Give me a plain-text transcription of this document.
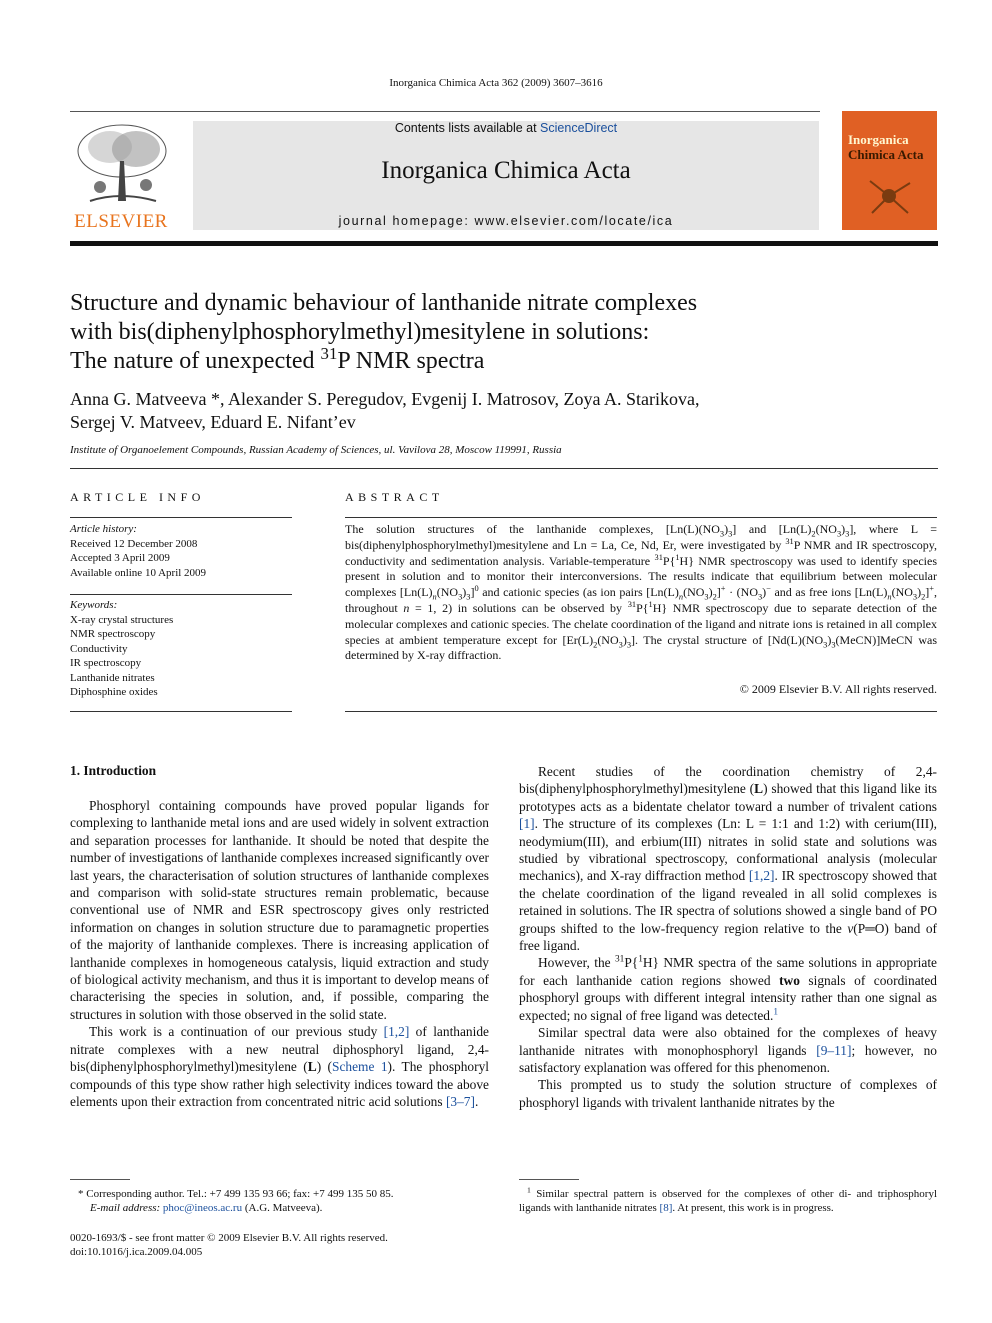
Inorganica Chimica Acta 362 (2009) 3607–3616
ELSEVIER
Contents lists available at ScienceDirect
Inorganica Chimica Acta
journal homepage: www.elsevier.com/locate/ica
Inorganica
Chimica Acta
Structure and dynamic behaviour of lanthanide nitrate complexes
with bis(diphenylphosphorylmethyl)mesitylene in solutions:
The nature of unexpected $^{31}$P NMR spectra
Anna G. Matveeva *, Alexander S. Peregudov, Evgenij I. Matrosov, Zoya A. Starikova,
Sergej V. Matveev, Eduard E. Nifant’ev
Institute of Organoelement Compounds, Russian Academy of Sciences, ul. Vavilova 28, Moscow 119991, Russia
ARTICLE INFO
Article history:
Received 12 December 2008
Accepted 3 April 2009
Available online 10 April 2009
Keywords:
X-ray crystal structures
NMR spectroscopy
Conductivity
IR spectroscopy
Lanthanide nitrates
Diphosphine oxides
ABSTRACT
The solution structures of the lanthanide complexes, $[Ln(L)(NO_3)_3]$ and $[Ln(L)_2(NO_3)_3]$, where L = bis(diphenylphosphorylmethyl)mesitylene and Ln = La, Ce, Nd, Er, were investigated by $^{31}$P NMR and IR spectroscopy, conductivity and sedimentation analysis. Variable-temperature $^{31}$P{$^1$H} NMR spectroscopy was used to identify species present in solution and to monitor their interconversions. The results indicate that equilibrium between molecular complexes $[Ln(L)_n(NO_3)_3]^0$ and cationic species (as ion pairs $[Ln(L)_n(NO_3)_2]^+ \cdot (NO_3)^-$ and as free ions $[Ln(L)_n(NO_3)_2]^+$, throughout n = 1, 2) in solutions can be observed by $^{31}$P{$^1$H} NMR spectroscopy due to separate detection of the molecular complexes and cationic species. The chelate coordination of the ligand and nitrate ions is retained in all complex species at ambient temperature except for $[Er(L)_2(NO_3)_3]$. The crystal structure of $[Nd(L)(NO_3)_3(MeCN)]MeCN$ was determined by X-ray diffraction.
© 2009 Elsevier B.V. All rights reserved.
1. Introduction

Phosphoryl containing compounds have proved popular ligands for complexing to lanthanide metal ions and are used widely in solvent extraction and separation processes for lanthanide. It should be noted that despite the number of investigations of lanthanide complexes increased significantly over last years, the characterisation of solution structures of lanthanide complexes and comparison with solid-state structures remain problematic, because conventional use of NMR and ESR spectroscopy gives only restricted information on changes in solution structure due to paramagnetic properties of the majority of lanthanide complexes. There is increasing application of lanthanide complexes in homogeneous catalysis, liquid extraction and study of biological activity mechanism, and thus it is important to develop means of characterising the species in solution, and, if possible, comparing the structures in solution with those observed in the solid state.

This work is a continuation of our previous study [1,2] of lanthanide nitrate complexes with a new neutral diphosphoryl ligand, 2,4-bis(diphenylphosphorylmethyl)mesitylene (L) (Scheme 1). The phosphoryl compounds of this type show rather high selectivity indices toward the above elements upon their extraction from concentrated nitric acid solutions [3–7].

Recent studies of the coordination chemistry of 2,4-bis(diphenylphosphorylmethyl)mesitylene (L) showed that this ligand like its prototypes acts as a bidentate chelator toward a number of trivalent cations [1]. The structure of its complexes (Ln: L = 1:1 and 1:2) with cerium(III), neodymium(III), and erbium(III) nitrates in solid state and solutions was studied by vibrational spectroscopy, conformational analysis (molecular mechanics), and X-ray diffraction method [1,2]. IR spectroscopy showed that the chelate coordination of the ligand revealed in all solid complexes is retained in solutions. The IR spectra of solutions showed a single band of PO groups shifted to the low-frequency region relative to the ν(P═O) band of free ligand.

However, the $^{31}$P{$^1$H} NMR spectra of the same solutions in appropriate for each lanthanide cation regions showed two signals of coordinated phosphoryl groups with different integral intensity rather than one signal as expected; no signal of free ligand was detected.$^1$

Similar spectral data were also obtained for the complexes of heavy lanthanide nitrates with monophosphoryl ligands [9–11]; however, no satisfactory explanation was offered for this phenomenon.

This prompted us to study the solution structure of complexes of phosphoryl ligands with trivalent lanthanide nitrates by the

* Corresponding author. Tel.: +7 499 135 93 66; fax: +7 499 135 50 85.
E-mail address: phoc@ineos.ac.ru (A.G. Matveeva).
$^1$ Similar spectral pattern is observed for the complexes of other di- and triphosphoryl ligands with lanthanide nitrates [8]. At present, this work is in progress.
0020-1693/$ - see front matter © 2009 Elsevier B.V. All rights reserved.
doi:10.1016/j.ica.2009.04.005
